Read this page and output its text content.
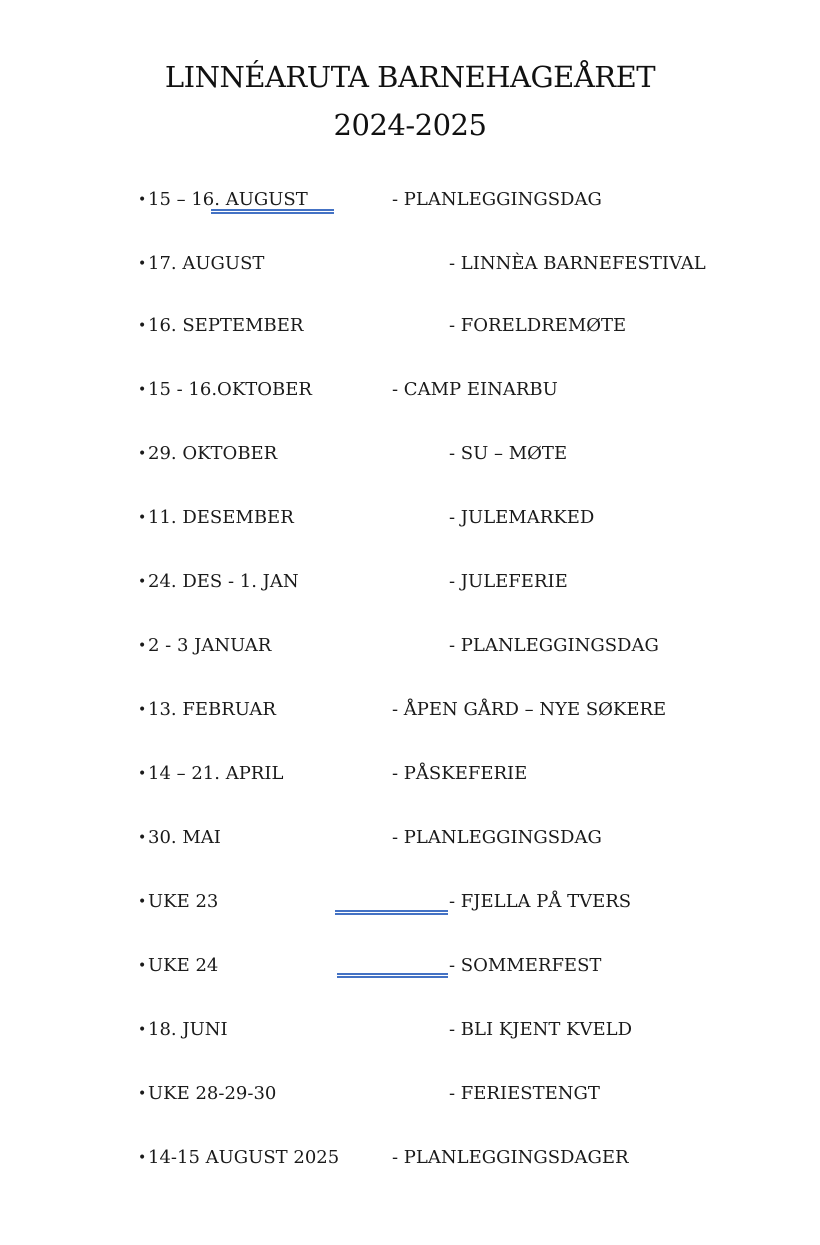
LINNÉARUTA BARNEHAGEÅRET
2024-2025
• 15 – 16. AUGUST	- PLANLEGGINGSDAG
• 17. AUGUST	- LINNÈA BARNEFESTIVAL
• 16. SEPTEMBER	- FORELDREMØTE
• 15 - 16.OKTOBER	- CAMP EINARBU
• 29. OKTOBER	- SU – MØTE
• 11. DESEMBER	- JULEMARKED
• 24. DES - 1. JAN	- JULEFERIE
• 2 - 3 JANUAR	- PLANLEGGINGSDAG
• 13. FEBRUAR	- ÅPEN GÅRD – NYE SØKERE
• 14 – 21. APRIL	- PÅSKEFERIE
• 30. MAI	- PLANLEGGINGSDAG
• UKE 23	- FJELLA PÅ TVERS
• UKE 24	- SOMMERFEST
• 18. JUNI	- BLI KJENT KVELD
• UKE 28-29-30	- FERIESTENGT
• 14-15 AUGUST 2025	- PLANLEGGINGSDAGER
